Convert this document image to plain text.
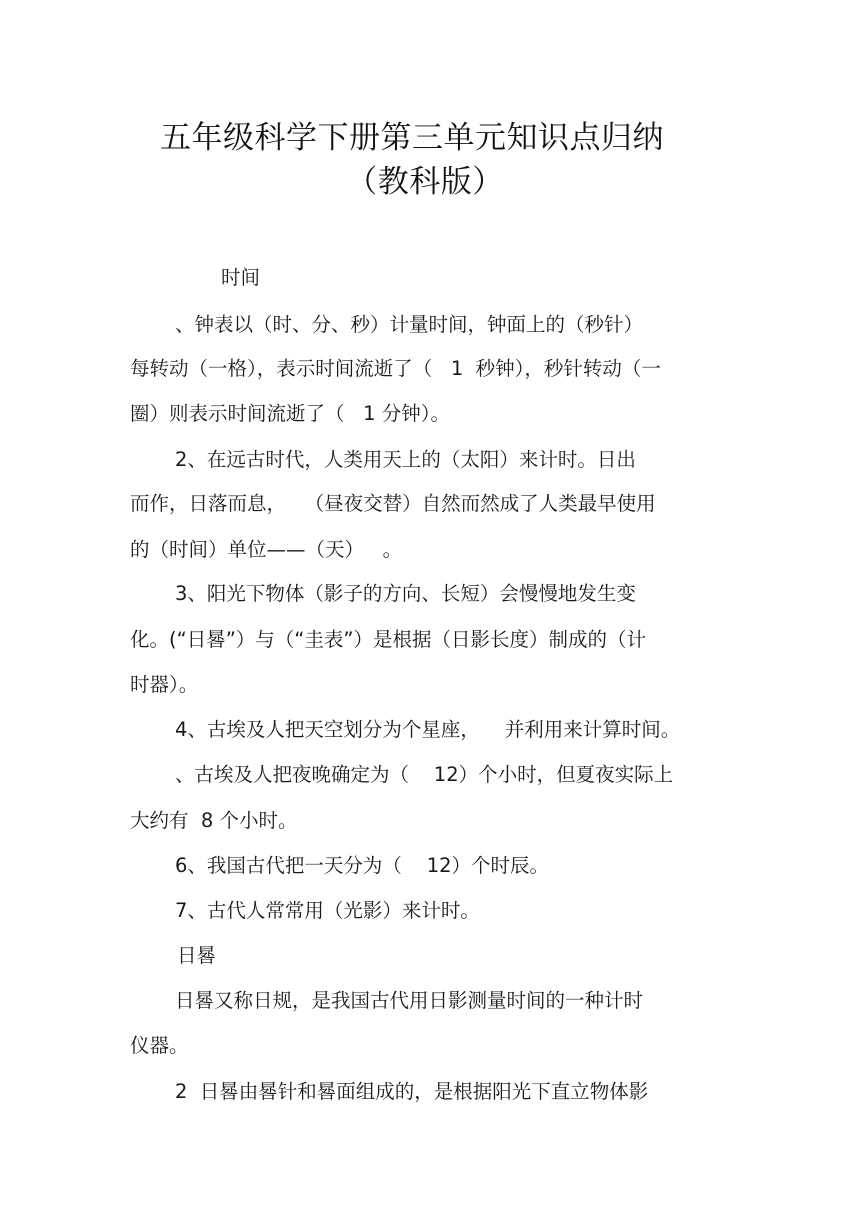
五年级科学下册第三单元知识点归纳
（教科版）
时间
、钟表以（时、分、秒）计量时间，钟面上的（秒针）
每转动（一格），表示时间流逝了（   1  秒钟），秒针转动（一
圈）则表示时间流逝了（   1 分钟）。
2、在远古时代，人类用天上的（太阳）来计时。日出
而作，日落而息，   （昼夜交替）自然而然成了人类最早使用
的（时间）单位——（天）   。
3、阳光下物体（影子的方向、长短）会慢慢地发生变
化。(“日晷”）与（“圭表”）是根据（日影长度）制成的（计
时器）。
4、古埃及人把天空划分为个星座，    并利用来计算时间。
、古埃及人把夜晚确定为（    12）个小时，但夏夜实际上
大约有  8 个小时。
6、我国古代把一天分为（    12）个时辰。
7、古代人常常用（光影）来计时。
日晷
日晷又称日规，是我国古代用日影测量时间的一种计时
仪器。
2  日晷由晷针和晷面组成的，是根据阳光下直立物体影
